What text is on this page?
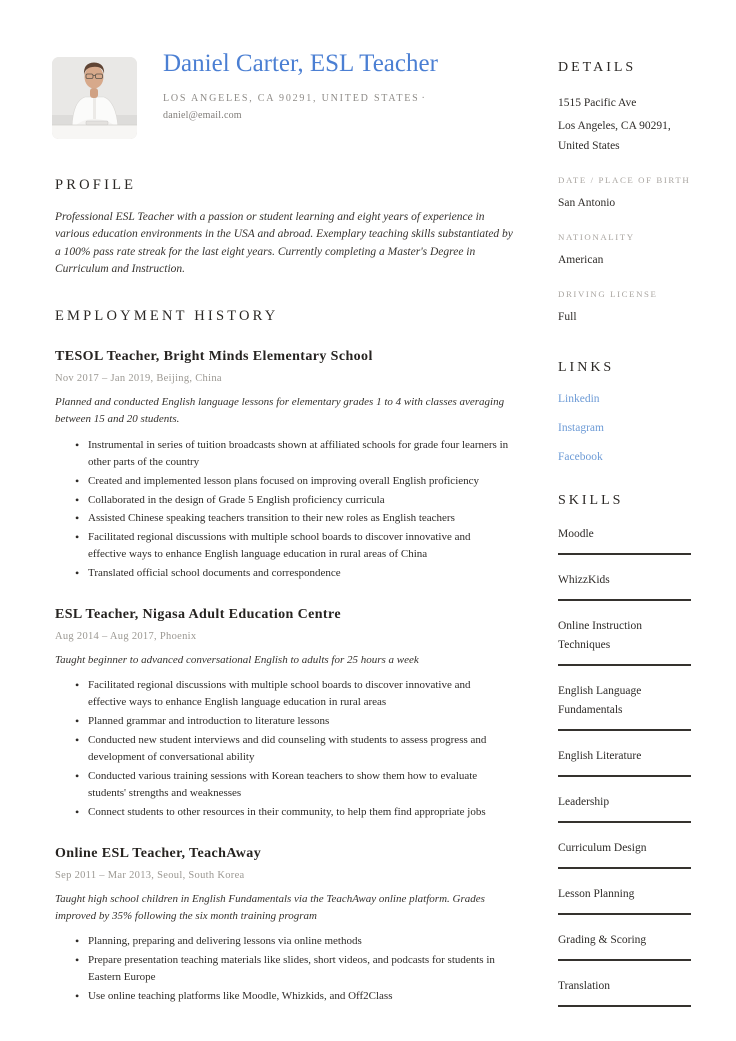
Daniel Carter, ESL Teacher
LOS ANGELES, CA 90291, UNITED STATES · daniel@email.com
PROFILE

Professional ESL Teacher with a passion or student learning and eight years of experience in various education environments in the USA and abroad. Exemplary teaching skills substantiated by a 100% pass rate streak for the last eight years. Currently completing a Master's Degree in Curriculum and Instruction.

EMPLOYMENT HISTORY
TESOL Teacher, Bright Minds Elementary School
Nov 2017 – Jan 2019, Beijing, China
Planned and conducted English language lessons for elementary grades 1 to 4 with classes averaging between 15 and 20 students.
• Instrumental in series of tuition broadcasts shown at affiliated schools for grade four learners in other parts of the country
• Created and implemented lesson plans focused on improving overall English proficiency
• Collaborated in the design of Grade 5 English proficiency curricula
• Assisted Chinese speaking teachers transition to their new roles as English teachers
• Facilitated regional discussions with multiple school boards to discover innovative and effective ways to enhance English language education in rural areas of China
• Translated official school documents and correspondence
ESL Teacher, Nigasa Adult Education Centre
Aug 2014 – Aug 2017, Phoenix
Taught beginner to advanced conversational English to adults for 25 hours a week
• Facilitated regional discussions with multiple school boards to discover innovative and effective ways to enhance English language education in rural areas
• Planned grammar and introduction to literature lessons
• Conducted new student interviews and did counseling with students to assess progress and development of conversational ability
• Conducted various training sessions with Korean teachers to show them how to evaluate students' strengths and weaknesses
• Connect students to other resources in their community, to help them find appropriate jobs
Online ESL Teacher, TeachAway
Sep 2011 – Mar 2013, Seoul, South Korea
Taught high school children in English Fundamentals via the TeachAway online platform. Grades improved by 35% following the six month training program
• Planning, preparing and delivering lessons via online methods
• Prepare presentation teaching materials like slides, short videos, and podcasts for students in Eastern Europe
• Use online teaching platforms like Moodle, Whizkids, and Off2Class
DETAILS
1515 Pacific Ave
Los Angeles, CA 90291, United States
DATE / PLACE OF BIRTH
San Antonio
NATIONALITY
American
DRIVING LICENSE
Full
LINKS
Linkedin
Instagram
Facebook
SKILLS
Moodle
WhizzKids
Online Instruction Techniques
English Language Fundamentals
English Literature
Leadership
Curriculum Design
Lesson Planning
Grading & Scoring
Translation
